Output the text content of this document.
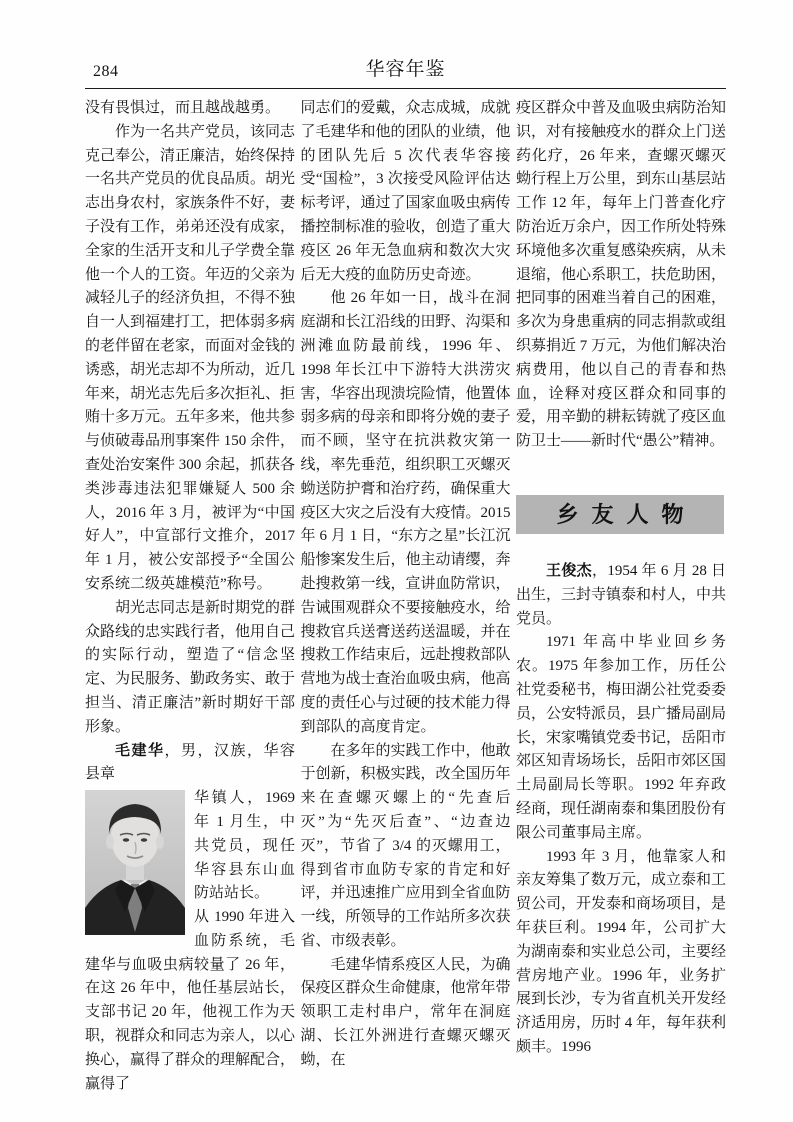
284	华容年鉴

没有畏惧过，而且越战越勇。

作为一名共产党员，该同志克己奉公，清正廉洁，始终保持一名共产党员的优良品质。胡光志出身农村，家族条件不好，妻子没有工作，弟弟还没有成家，全家的生活开支和儿子学费全靠他一个人的工资。年迈的父亲为减轻儿子的经济负担，不得不独自一人到福建打工，把体弱多病的老伴留在老家，而面对金钱的诱惑，胡光志却不为所动，近几年来，胡光志先后多次拒礼、拒贿十多万元。五年多来，他共参与侦破毒品刑事案件 150 余件，查处治安案件 300 余起，抓获各类涉毒违法犯罪嫌疑人 500 余人，2016 年 3 月，被评为“中国好人”，中宣部行文推介，2017 年 1 月，被公安部授予“全国公安系统二级英雄模范”称号。

胡光志同志是新时期党的群众路线的忠实践行者，他用自己的实际行动，塑造了“信念坚定、为民服务、勤政务实、敢于担当、清正廉洁”新时期好干部形象。

毛建华，男，汉族，华容县章

华镇人，1969 年 1 月生，中共党员，现任华容县东山血防站站长。

从 1990 年进入血防系统，毛建华与血吸虫病较量了 26 年，在这 26 年中，他任基层站长，支部书记 20 年，他视工作为天职，视群众和同志为亲人，以心换心，赢得了群众的理解配合，赢得了

同志们的爱戴，众志成城，成就了毛建华和他的团队的业绩，他的团队先后 5 次代表华容接受“国检”，3 次接受风险评估达标考评，通过了国家血吸虫病传播控制标准的验收，创造了重大疫区 26 年无急血病和数次大灾后无大疫的血防历史奇迹。

他 26 年如一日，战斗在洞庭湖和长江沿线的田野、沟渠和洲滩血防最前线，1996 年、1998 年长江中下游特大洪涝灾害，华容出现溃垸险情，他置体弱多病的母亲和即将分娩的妻子而不顾，坚守在抗洪救灾第一线，率先垂范，组织职工灭螺灭蚴送防护膏和治疗药，确保重大疫区大灾之后没有大疫情。2015 年 6 月 1 日，“东方之星”长江沉船惨案发生后，他主动请缨，奔赴搜救第一线，宣讲血防常识，告诫围观群众不要接触疫水，给搜救官兵送膏送药送温暖，并在搜救工作结束后，远赴搜救部队营地为战士查治血吸虫病，他高度的责任心与过硬的技术能力得到部队的高度肯定。

在多年的实践工作中，他敢于创新，积极实践，改全国历年来在查螺灭螺上的“先查后灭”为“先灭后查”、“边查边灭”，节省了 3/4 的灭螺用工，得到省市血防专家的肯定和好评，并迅速推广应用到全省血防一线，所领导的工作站所多次获省、市级表彰。

毛建华情系疫区人民，为确保疫区群众生命健康，他常年带领职工走村串户，常年在洞庭湖、长江外洲进行查螺灭螺灭蚴，在

疫区群众中普及血吸虫病防治知识，对有接触疫水的群众上门送药化疗，26 年来，查螺灭螺灭蚴行程上万公里，到东山基层站工作 12 年，每年上门普查化疗防治近万余户，因工作所处特殊环境他多次重复感染疾病，从未退缩，他心系职工，扶危助困，把同事的困难当着自己的困难，多次为身患重病的同志捐款或组织募捐近 7 万元，为他们解决治病费用，他以自己的青春和热血，诠释对疫区群众和同事的爱，用辛勤的耕耘铸就了疫区血防卫士——新时代“愚公”精神。

乡友人物

王俊杰，1954 年 6 月 28 日出生，三封寺镇泰和村人，中共党员。

1971 年高中毕业回乡务农。1975 年参加工作，历任公社党委秘书，梅田湖公社党委委员，公安特派员，县广播局副局长，宋家嘴镇党委书记，岳阳市郊区知青场场长，岳阳市郊区国土局副局长等职。1992 年弃政经商，现任湖南泰和集团股份有限公司董事局主席。

1993 年 3 月，他靠家人和亲友筹集了数万元，成立泰和工贸公司，开发泰和商场项目，是年获巨利。1994 年，公司扩大为湖南泰和实业总公司，主要经营房地产业。1996 年，业务扩展到长沙，专为省直机关开发经济适用房，历时 4 年，每年获利颇丰。1996
